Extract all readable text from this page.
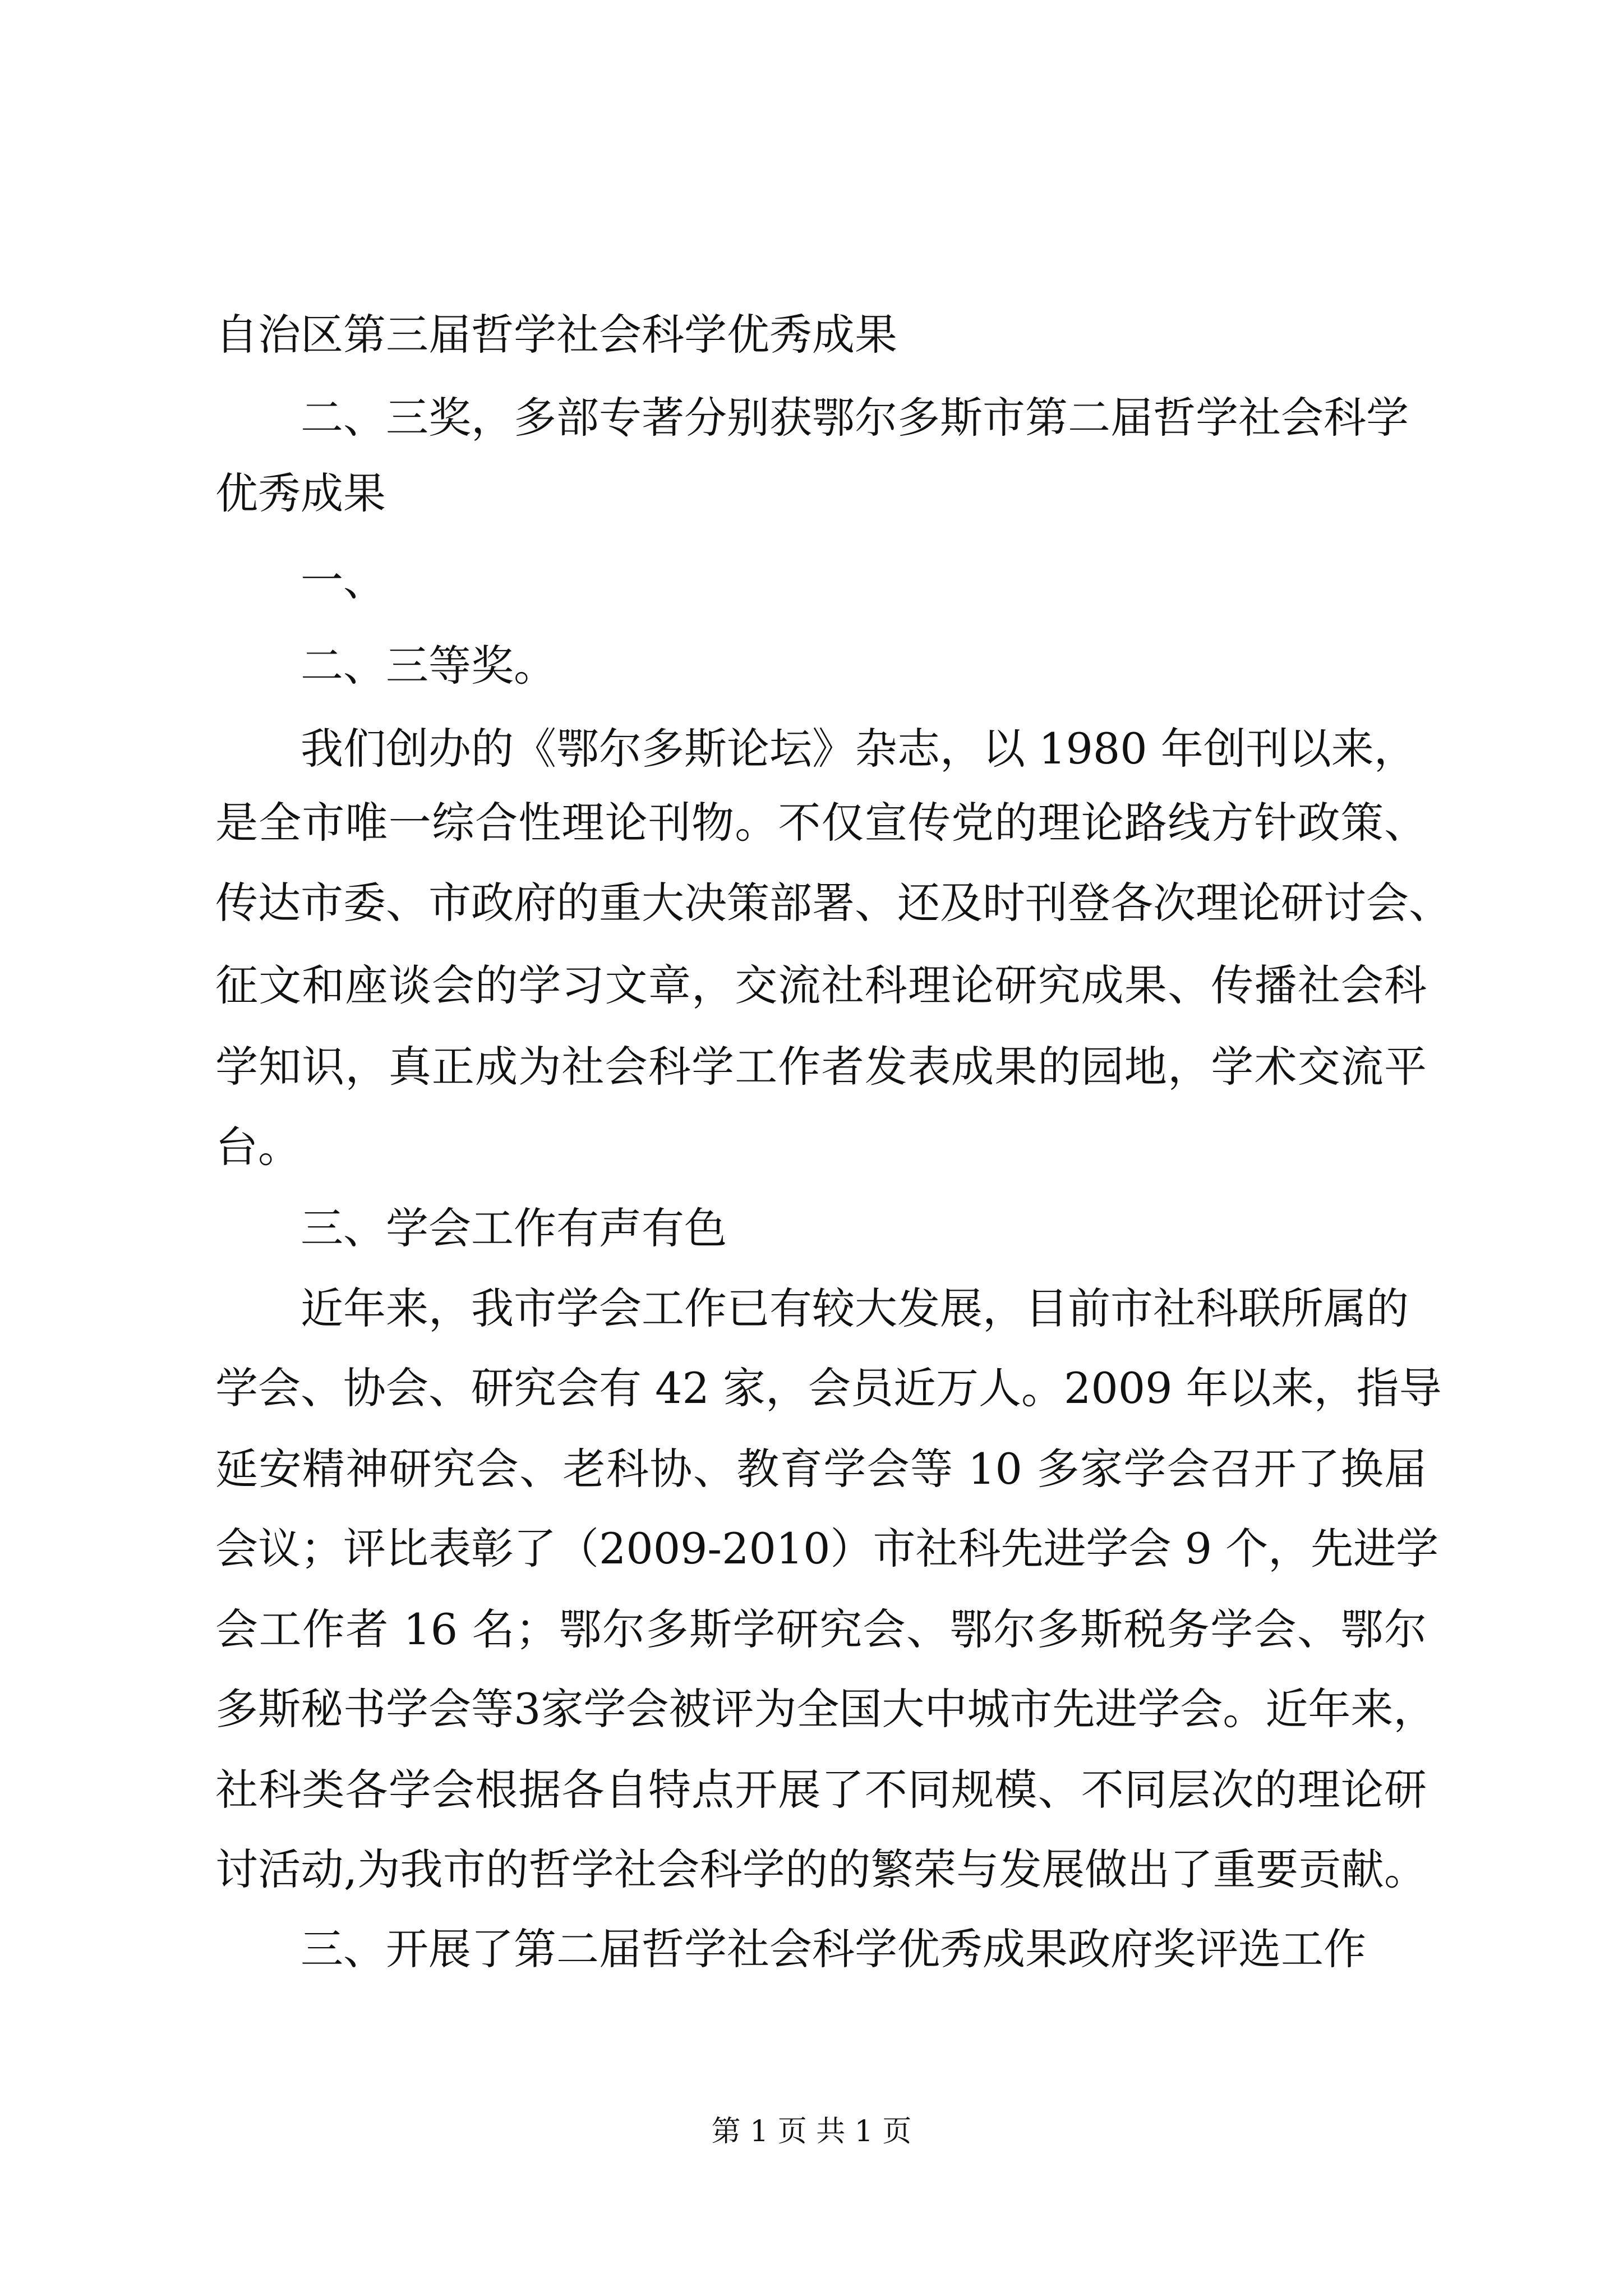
自治区第三届哲学社会科学优秀成果
二、三奖，多部专著分别获鄂尔多斯市第二届哲学社会科学
优秀成果
一、
二、三等奖。
我们创办的《鄂尔多斯论坛》杂志，以 1980 年创刊以来，
是全市唯一综合性理论刊物。不仅宣传党的理论路线方针政策、
传达市委、市政府的重大决策部署、还及时刊登各次理论研讨会、
征文和座谈会的学习文章，交流社科理论研究成果、传播社会科
学知识，真正成为社会科学工作者发表成果的园地，学术交流平
台。
三、学会工作有声有色
近年来，我市学会工作已有较大发展，目前市社科联所属的
学会、协会、研究会有 42 家，会员近万人。2009 年以来，指导
延安精神研究会、老科协、教育学会等 10 多家学会召开了换届
会议；评比表彰了（2009-2010）市社科先进学会 9 个，先进学
会工作者 16 名；鄂尔多斯学研究会、鄂尔多斯税务学会、鄂尔
多斯秘书学会等3家学会被评为全国大中城市先进学会。近年来，
社科类各学会根据各自特点开展了不同规模、不同层次的理论研
讨活动,为我市的哲学社会科学的的繁荣与发展做出了重要贡献。
三、开展了第二届哲学社会科学优秀成果政府奖评选工作
第 1 页 共 1 页
